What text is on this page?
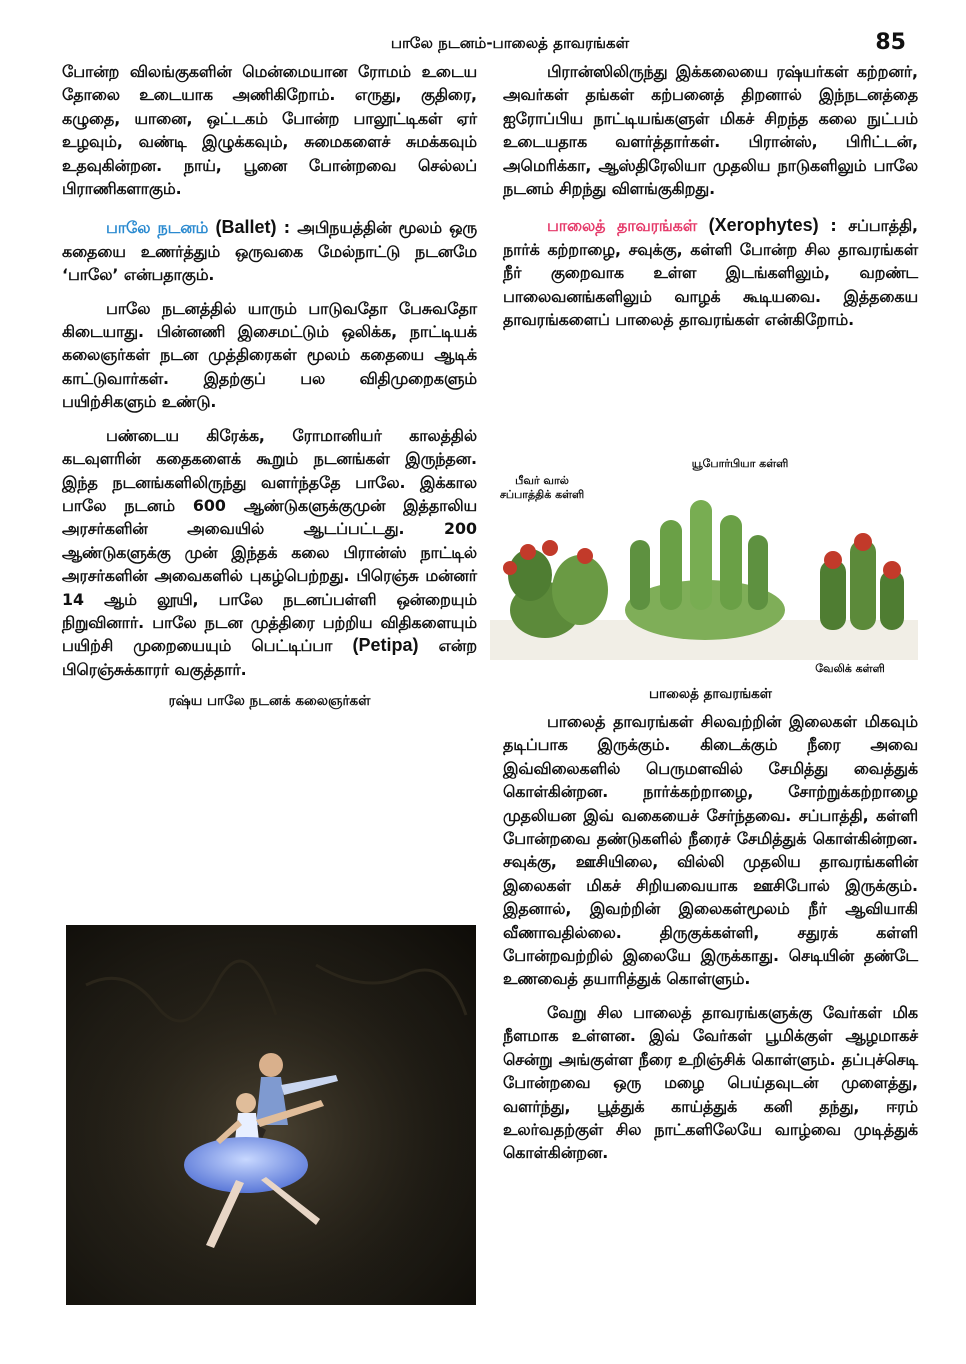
பாலே நடனம்-பாலைத் தாவரங்கள்	85

போன்ற விலங்குகளின் மென்மையான ரோமம் உடைய தோலை உடையாக அணிகிறோம். எருது, குதிரை, கழுதை, யானை, ஒட்டகம் போன்ற பாலூட்டிகள் ஏர் உழவும், வண்டி இழுக்கவும், சுமைகளைச் சுமக்கவும் உதவுகின்றன. நாய், பூனை போன்றவை செல்லப் பிராணிகளாகும்.

பாலே நடனம் (Ballet) : அபிநயத்தின் மூலம் ஒரு கதையை உணர்த்தும் ஒருவகை மேல்நாட்டு நடனமே ‘பாலே’ என்பதாகும்.

பாலே நடனத்தில் யாரும் பாடுவதோ பேசுவதோ கிடையாது. பின்னணி இசைமட்டும் ஒலிக்க, நாட்டியக் கலைஞர்கள் நடன முத்திரைகள் மூலம் கதையை ஆடிக் காட்டுவார்கள். இதற்குப் பல விதிமுறைகளும் பயிற்சிகளும் உண்டு.

பண்டைய கிரேக்க, ரோமானியர் காலத்தில் கடவுளரின் கதைகளைக் கூறும் நடனங்கள் இருந்தன. இந்த நடனங்களிலிருந்து வளர்ந்ததே பாலே. இக்கால பாலே நடனம் 600 ஆண்டுகளுக்குமுன் இத்தாலிய அரசர்களின் அவையில் ஆடப்பட்டது. 200 ஆண்டுகளுக்கு முன் இந்தக் கலை பிரான்ஸ் நாட்டில் அரசர்களின் அவைகளில் புகழ்பெற்றது. பிரெஞ்சு மன்னர் 14 ஆம் லூயி, பாலே நடனப்பள்ளி ஒன்றையும் நிறுவினார். பாலே நடன முத்திரை பற்றிய விதிகளையும் பயிற்சி முறையையும் பெட்டிப்பா (Petipa) என்ற பிரெஞ்சுக்காரர் வகுத்தார்.

ரஷ்ய பாலே நடனக் கலைஞர்கள்

பிரான்ஸிலிருந்து இக்கலையை ரஷ்யர்கள் கற்றனர், அவர்கள் தங்கள் கற்பனைத் திறனால் இந்நடனத்தை ஐரோப்பிய நாட்டியங்களுள் மிகச் சிறந்த கலை நுட்பம் உடையதாக வளர்த்தார்கள். பிரான்ஸ், பிரிட்டன், அமெரிக்கா, ஆஸ்திரேலியா முதலிய நாடுகளிலும் பாலே நடனம் சிறந்து விளங்குகிறது.

பாலைத் தாவரங்கள் (Xerophytes) : சப்பாத்தி, நார்க் கற்றாழை, சவுக்கு, கள்ளி போன்ற சில தாவரங்கள் நீர் குறைவாக உள்ள இடங்களிலும், வறண்ட பாலைவனங்களிலும் வாழக் கூடியவை. இத்தகைய தாவரங்களைப் பாலைத் தாவரங்கள் என்கிறோம்.

யூபோர்பியா கள்ளி
பீவர் வால் சப்பாத்திக் கள்ளி
வேலிக் கள்ளி
பாலைத் தாவரங்கள்

பாலைத் தாவரங்கள் சிலவற்றின் இலைகள் மிகவும் தடிப்பாக இருக்கும். கிடைக்கும் நீரை அவை இவ்விலைகளில் பெருமளவில் சேமித்து வைத்துக் கொள்கின்றன. நார்க்கற்றாழை, சோற்றுக்கற்றாழை முதலியன இவ் வகையைச் சேர்ந்தவை. சப்பாத்தி, கள்ளி போன்றவை தண்டுகளில் நீரைச் சேமித்துக் கொள்கின்றன. சவுக்கு, ஊசியிலை, வில்லி முதலிய தாவரங்களின் இலைகள் மிகச் சிறியவையாக ஊசிபோல் இருக்கும். இதனால், இவற்றின் இலைகள்மூலம் நீர் ஆவியாகி வீணாவதில்லை. திருகுக்கள்ளி, சதுரக் கள்ளி போன்றவற்றில் இலையே இருக்காது. செடியின் தண்டே உணவைத் தயாரித்துக் கொள்ளும்.

வேறு சில பாலைத் தாவரங்களுக்கு வேர்கள் மிக நீளமாக உள்ளன. இவ் வேர்கள் பூமிக்குள் ஆழமாகச் சென்று அங்குள்ள நீரை உறிஞ்சிக் கொள்ளும். தப்புச்செடி போன்றவை ஒரு மழை பெய்தவுடன் முளைத்து, வளர்ந்து, பூத்துக் காய்த்துக் கனி தந்து, ஈரம் உலர்வதற்குள் சில நாட்களிலேயே வாழ்வை முடித்துக் கொள்கின்றன.
